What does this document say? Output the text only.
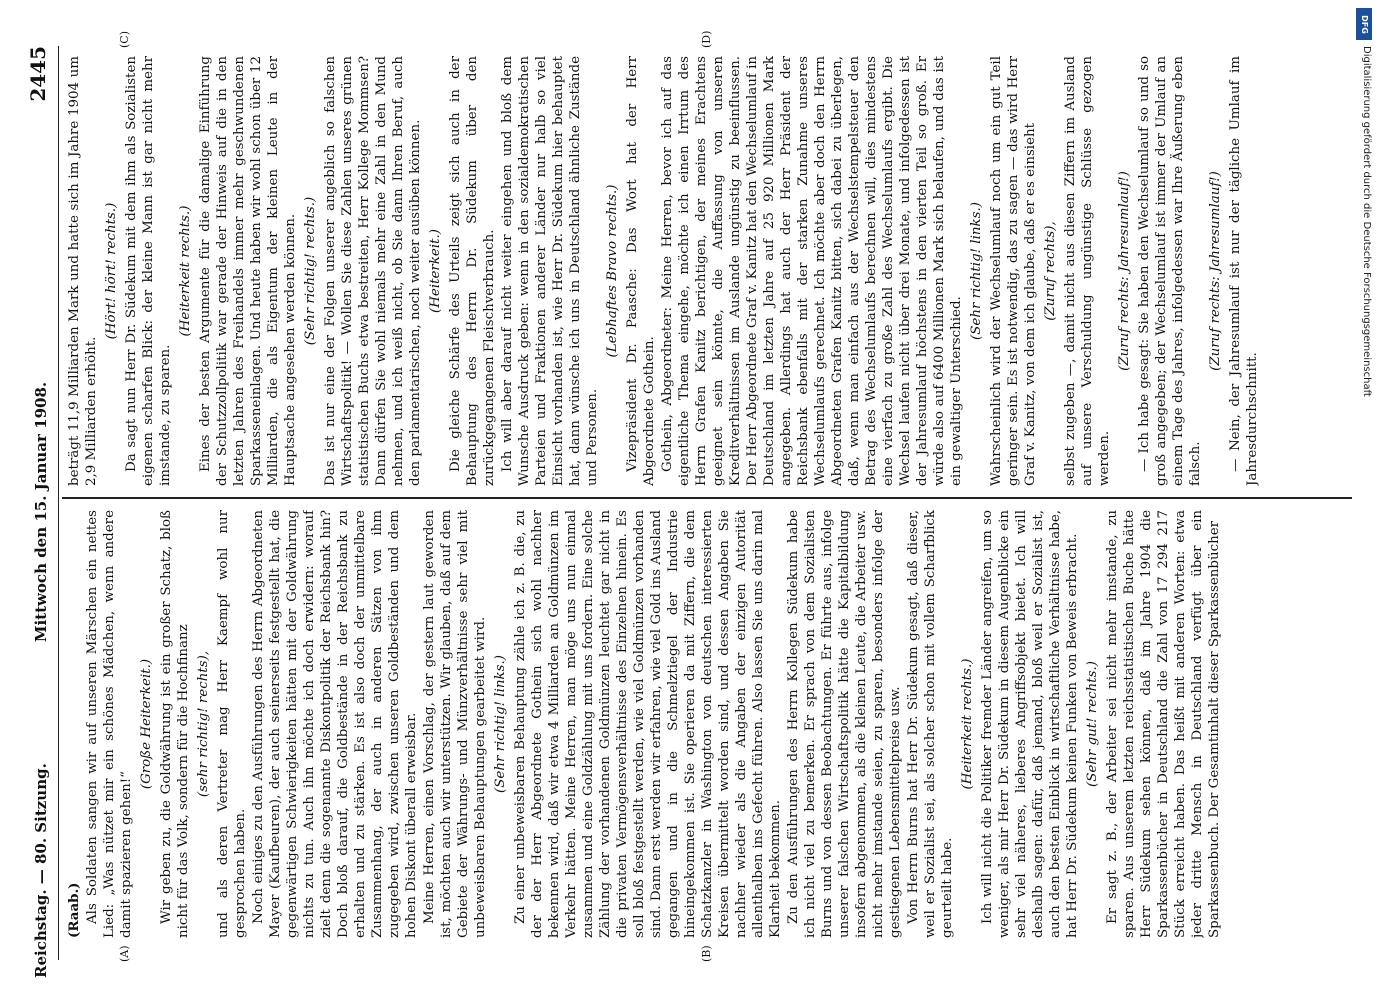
Reichstag. — 80. Sitzung.
Mittwoch den 15. Januar 1908.
2445
(A)	(B)
(C)	(D)

(Raab.) Als Soldaten sangen wir auf unseren Märschen ein nettes Lied: „Was nützet mir ein schönes Mädchen, wenn andere damit spazieren gehen!“

(Große Heiterkeit.) Wir geben zu, die Goldwährung ist ein großer Schatz, bloß nicht für das Volk, sondern für die Hochfinanz (sehr richtig! rechts), und als deren Vertreter mag Herr Kaempf wohl nur gesprochen haben. Noch einiges zu den Ausführungen des Herrn Abgeordneten Mayer (Kaufbeuren), der auch seinerseits festgestellt hat, die gegenwärtigen Schwierigkeiten hätten mit der Goldwährung nichts zu tun. Auch ihn möchte ich doch erwidern: worauf zielt denn die sogenannte Diskontpolitik der Reichsbank hin? Doch bloß darauf, die Goldbestände in der Reichsbank zu erhalten und zu stärken. Es ist also doch der unmittelbare Zusammenhang, der auch in anderen Sätzen von ihm zugegeben wird, zwischen unseren Goldbeständen und dem hohen Diskont überall erweisbar. Meine Herren, einen Vorschlag, der gestern laut geworden ist, möchten auch wir unterstützen. Wir glauben, daß auf dem Gebiete der Währungs- und Münzverhältnisse sehr viel mit unbeweisbaren Behauptungen gearbeitet wird. (Sehr richtig! links.) Zu einer unbeweisbaren Behauptung zähle ich z. B. die, zu der der Herr Abgeordnete Gothein sich wohl nachher bekennen wird, daß wir etwa 4 Milliarden an Goldmünzen im Verkehr hätten. Meine Herren, man möge uns nun einmal zusammen und eine Goldzählung mit uns fordern. Eine solche Zählung der vorhandenen Goldmünzen leuchtet gar nicht in die privaten Vermögensverhältnisse des Einzelnen hinein. Es soll bloß festgestellt werden, wie viel Goldmünzen vorhanden sind. Dann erst werden wir erfahren, wie viel Gold ins Ausland gegangen und in die Schmelztiegel der Industrie hineingekommen ist. Sie operieren da mit Ziffern, die dem Schatzkanzler in Washington von deutschen interessierten Kreisen übermittelt worden sind, und dessen Angaben Sie nachher wieder als die Angaben der einzigen Autorität allenthalben ins Gefecht führen. Also lassen Sie uns darin mal Klarheit bekommen. Zu den Ausführungen des Herrn Kollegen Südekum habe ich nicht viel zu bemerken. Er sprach von dem Sozialisten Burns und von dessen Beobachtungen. Er führte aus, infolge unserer falschen Wirtschaftspolitik hätte die Kapitalbildung insofern abgenommen, als die kleinen Leute, die Arbeiter usw. nicht mehr imstande seien, zu sparen, besonders infolge der gestiegenen Lebensmittelpreise usw. Von Herrn Burns hat Herr Dr. Südekum gesagt, daß dieser, weil er Sozialist sei, als solcher schon mit vollem Scharfblick geurteilt habe.

(Heiterkeit rechts.) Ich will nicht die Politiker fremder Länder angreifen, um so weniger, als mir Herr Dr. Südekum in diesem Augenblicke ein sehr viel näheres, lieberes Angriffsobjekt bietet. Ich will deshalb sagen: dafür, daß jemand, bloß weil er Sozialist ist, auch den besten Einblick in wirtschaftliche Verhältnisse habe, hat Herr Dr. Südekum keinen Funken von Beweis erbracht. (Sehr gut! rechts.) Er sagt z. B., der Arbeiter sei nicht mehr imstande, zu sparen. Aus unserem letzten reichsstatistischen Buche hätte Herr Südekum sehen können, daß im Jahre 1904 die Sparkassenbücher in Deutschland die Zahl von 17 294 217 Stück erreicht haben. Das heißt mit anderen Worten: etwa jeder dritte Mensch in Deutschland verfügt über ein Sparkassenbuch. Der Gesamtinhalt dieser Sparkassenbücher

beträgt 11,9 Milliarden Mark und hatte sich im Jahre 1904 um 2,9 Milliarden erhöht.

(Hört! hört! rechts.) Da sagt nun Herr Dr. Südekum mit dem ihm als Sozialisten eigenen scharfen Blick: der kleine Mann ist gar nicht mehr imstande, zu sparen.

(Heiterkeit rechts.) Eines der besten Argumente für die damalige Einführung der Schutzzollpolitik war gerade der Hinweis auf die in den letzten Jahren des Freihandels immer mehr geschwundenen Sparkasseneinlagen. Und heute haben wir wohl schon über 12 Milliarden, die als Eigentum der kleinen Leute in der Hauptsache angesehen werden können. (Sehr richtig! rechts.) Das ist nur eine der Folgen unserer angeblich so falschen Wirtschaftspolitik! — Wollen Sie diese Zahlen unseres grünen statistischen Buchs etwa bestreiten, Herr Kollege Mommsen? Dann dürfen Sie wohl niemals mehr eine Zahl in den Mund nehmen, und ich weiß nicht, ob Sie dann Ihren Beruf, auch den parlamentarischen, noch weiter ausüben können. (Heiterkeit.) Die gleiche Schärfe des Urteils zeigt sich auch in der Behauptung des Herrn Dr. Südekum über den zurückgegangenen Fleischverbrauch. Ich will aber darauf nicht weiter eingehen und bloß dem Wunsche Ausdruck geben: wenn in den sozialdemokratischen Parteien und Fraktionen anderer Länder nur halb so viel Einsicht vorhanden ist, wie Herr Dr. Südekum hier behauptet hat, dann wünsche ich uns in Deutschland ähnliche Zustände und Personen.

(Lebhaftes Bravo rechts.) Vizepräsident Dr. Paasche: Das Wort hat der Herr Abgeordnete Gothein. Gothein, Abgeordneter: Meine Herren, bevor ich auf das eigentliche Thema eingehe, möchte ich einen Irrtum des Herrn Grafen Kanitz berichtigen, der meines Erachtens geeignet sein könnte, die Auffassung von unseren Kreditverhältnissen im Auslande ungünstig zu beeinflussen. Der Herr Abgeordnete Graf v. Kanitz hat den Wechselumlauf in Deutschland im letzten Jahre auf 25 920 Millionen Mark angegeben. Allerdings hat auch der Herr Präsident der Reichsbank ebenfalls mit der starken Zunahme unseres Wechselumlaufs gerechnet. Ich möchte aber doch den Herrn Abgeordneten Grafen Kanitz bitten, sich dabei zu überlegen, daß, wenn man einfach aus der Wechselstempelsteuer den Betrag des Wechselumlaufs berechnen will, dies mindestens eine vierfach zu große Zahl des Wechselumlaufs ergibt. Die Wechsel laufen nicht über drei Monate, und infolgedessen ist der Jahresumlauf höchstens in den vierten Teil so groß. Er würde also auf 6400 Millionen Mark sich belaufen, und das ist ein gewaltiger Unterschied.

(Sehr richtig! links.) Wahrscheinlich wird der Wechselumlauf noch um ein gut Teil geringer sein. Es ist notwendig, das zu sagen — das wird Herr Graf v. Kanitz, von dem ich glaube, daß er es einsieht (Zuruf rechts), selbst zugeben —, damit nicht aus diesen Ziffern im Ausland auf unsere Verschuldung ungünstige Schlüsse gezogen werden.

(Zuruf rechts: Jahresumlauf!) — Ich habe gesagt: Sie haben den Wechselumlauf so und so groß angegeben; der Wechselumlauf ist immer der Umlauf an einem Tage des Jahres, infolgedessen war Ihre Äußerung eben falsch.

(Zuruf rechts: Jahresumlauf!) — Nein, der Jahresumlauf ist nur der tägliche Umlauf im Jahresdurchschnitt.

DFG
Digitalisierung gefördert durch die Deutsche Forschungsgemeinschaft
